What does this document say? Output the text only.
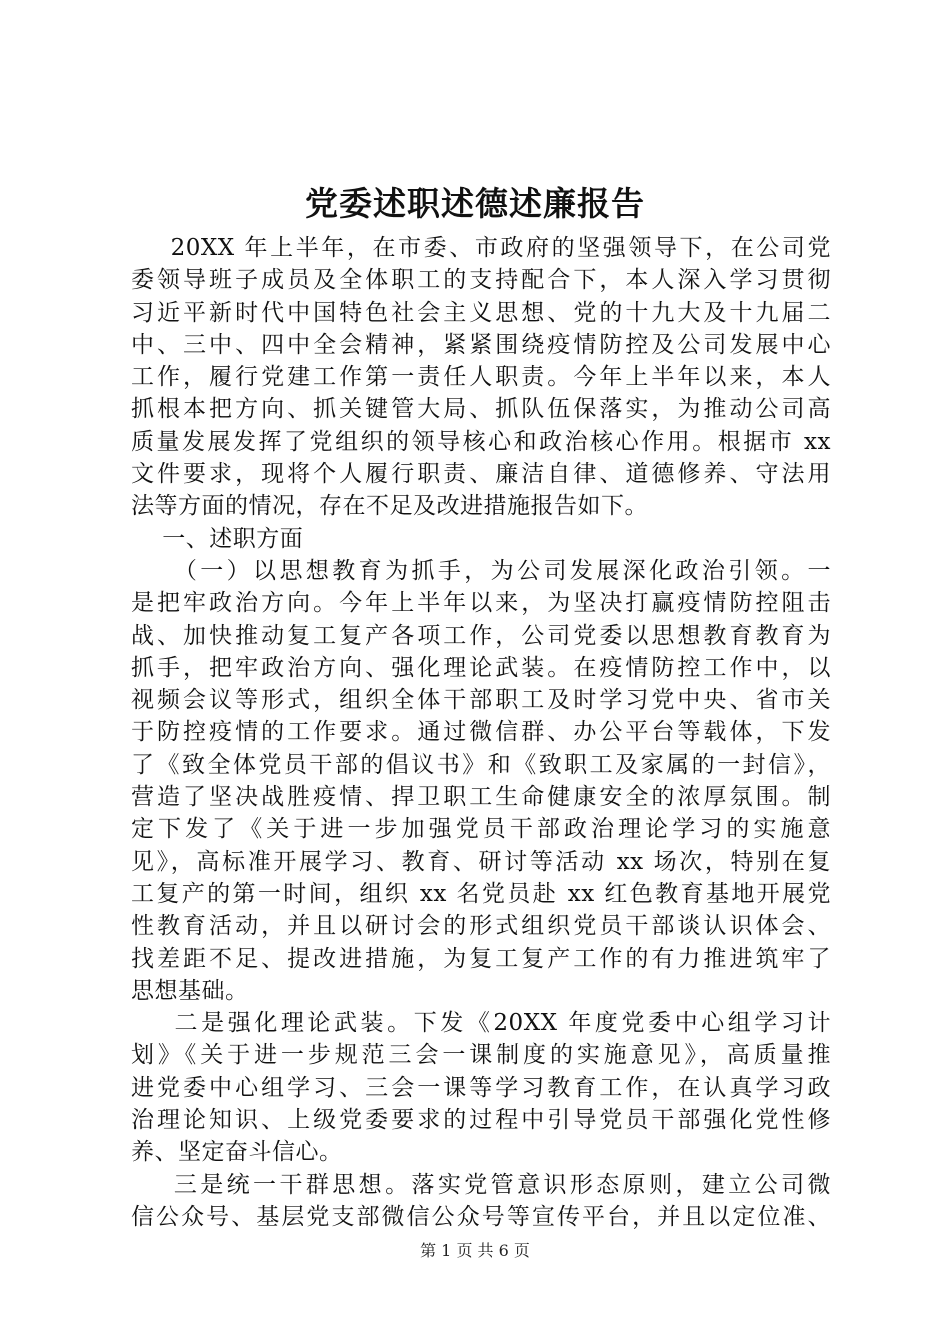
党委述职述德述廉报告
20XX 年上半年，在市委、市政府的坚强领导下，在公司党
委领导班子成员及全体职工的支持配合下，本人深入学习贯彻
习近平新时代中国特色社会主义思想、党的十九大及十九届二
中、三中、四中全会精神，紧紧围绕疫情防控及公司发展中心
工作，履行党建工作第一责任人职责。今年上半年以来，本人
抓根本把方向、抓关键管大局、抓队伍保落实，为推动公司高
质量发展发挥了党组织的领导核心和政治核心作用。根据市 xx
文件要求，现将个人履行职责、廉洁自律、道德修养、守法用
法等方面的情况，存在不足及改进措施报告如下。
一、述职方面
（一）以思想教育为抓手，为公司发展深化政治引领。一
是把牢政治方向。今年上半年以来，为坚决打赢疫情防控阻击
战、加快推动复工复产各项工作，公司党委以思想教育教育为
抓手，把牢政治方向、强化理论武装。在疫情防控工作中，以
视频会议等形式，组织全体干部职工及时学习党中央、省市关
于防控疫情的工作要求。通过微信群、办公平台等载体，下发
了《致全体党员干部的倡议书》和《致职工及家属的一封信》，
营造了坚决战胜疫情、捍卫职工生命健康安全的浓厚氛围。制
定下发了《关于进一步加强党员干部政治理论学习的实施意
见》，高标准开展学习、教育、研讨等活动 xx 场次，特别在复
工复产的第一时间，组织 xx 名党员赴 xx 红色教育基地开展党
性教育活动，并且以研讨会的形式组织党员干部谈认识体会、
找差距不足、提改进措施，为复工复产工作的有力推进筑牢了
思想基础。
二是强化理论武装。下发《20XX 年度党委中心组学习计
划》《关于进一步规范三会一课制度的实施意见》，高质量推
进党委中心组学习、三会一课等学习教育工作，在认真学习政
治理论知识、上级党委要求的过程中引导党员干部强化党性修
养、坚定奋斗信心。
三是统一干群思想。落实党管意识形态原则，建立公司微
信公众号、基层党支部微信公众号等宣传平台，并且以定位准、
第 1 页 共 6 页
